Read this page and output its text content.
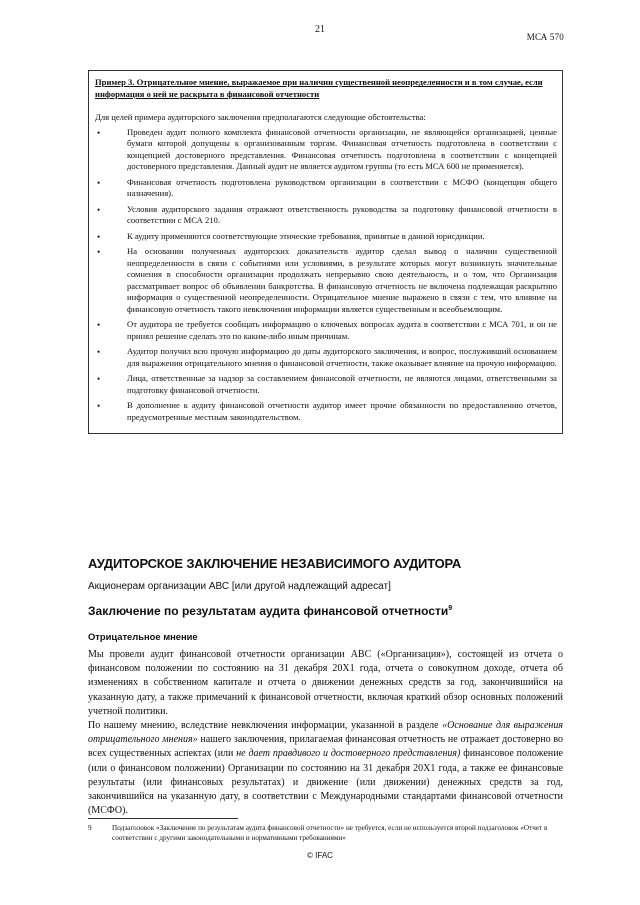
21
МСА 570

Пример 3. Отрицательное мнение, выражаемое при наличии существенной неопределенности и в том случае, если информация о ней не раскрыта в финансовой отчетности

Для целей примера аудиторского заключения предполагаются следующие обстоятельства:

•	Проведен аудит полного комплекта финансовой отчетности организации, не являющейся организацией, ценные бумаги которой допущены к организованным торгам. Финансовая отчетность подготовлена в соответствии с концепцией достоверного представления. Финансовая отчетность подготовлена в соответствии с концепцией достоверного представления. Данный аудит не является аудитом группы (то есть МСА 600 не применяется).
•	Финансовая отчетность подготовлена руководством организации в соответствии с МСФО (концепция общего назначения).
•	Условия аудиторского задания отражают ответственность руководства за подготовку финансовой отчетности в соответствии с МСА 210.
•	К аудиту применяются соответствующие этические требования, принятые в данной юрисдикции.
•	На основании полученных аудиторских доказательств аудитор сделал вывод о наличии существенной неопределенности в связи с событиями или условиями, в результате которых могут возникнуть значительные сомнения в способности организации продолжать непрерывно свою деятельность, и о том, что Организация рассматривает вопрос об объявлении банкротства. В финансовую отчетность не включена подлежащая раскрытию информация о существенной неопределенности. Отрицательное мнение выражено в связи с тем, что влияние на финансовую отчетность такого невключения информации является существенным и всеобъемлющим.
•	От аудитора не требуется сообщать информацию о ключевых вопросах аудита в соответствии с МСА 701, и он не принял решение сделать это по каким-либо иным причинам.
•	Аудитор получил всю прочую информацию до даты аудиторского заключения, и вопрос, послуживший основанием для выражения отрицательного мнения о финансовой отчетности, также оказывает влияние на прочую информацию.
•	Лица, ответственные за надзор за составлением финансовой отчетности, не являются лицами, ответственными за подготовку финансовой отчетности.
•	В дополнение к аудиту финансовой отчетности аудитор имеет прочие обязанности по предоставлению отчетов, предусмотренные местным законодательством.
АУДИТОРСКОЕ ЗАКЛЮЧЕНИЕ НЕЗАВИСИМОГО АУДИТОРА
Акционерам организации АВС [или другой надлежащий адресат]
Заключение по результатам аудита финансовой отчетности$^9$
Отрицательное мнение

Мы провели аудит финансовой отчетности организации АВС («Организация»), состоящей из отчета о финансовом положении по состоянию на 31 декабря 20Х1 года, отчета о совокупном доходе, отчета об изменениях в собственном капитале и отчета о движении денежных средств за год, закончившийся на указанную дату, а также примечаний к финансовой отчетности, включая краткий обзор основных положений учетной политики.

По нашему мнению, вследствие невключения информации, указанной в разделе «Основание для выражения отрицательного мнения» нашего заключения, прилагаемая финансовая отчетность не отражает достоверно во всех существенных аспектах (или не дает правдивого и достоверного представления) финансовое положение (или о финансовом положении) Организации по состоянию на 31 декабря 20Х1 года, а также ее финансовые результаты (или финансовых результатах) и движение (или движении) денежных средств за год, закончившийся на указанную дату, в соответствии с Международными стандартами финансовой отчетности (МСФО).

9	Подзаголовок «Заключение по результатам аудита финансовой отчетности» не требуется, если не используется второй подзаголовок «Отчет в соответствии с другими законодательными и нормативными требованиями»
© IFAC
